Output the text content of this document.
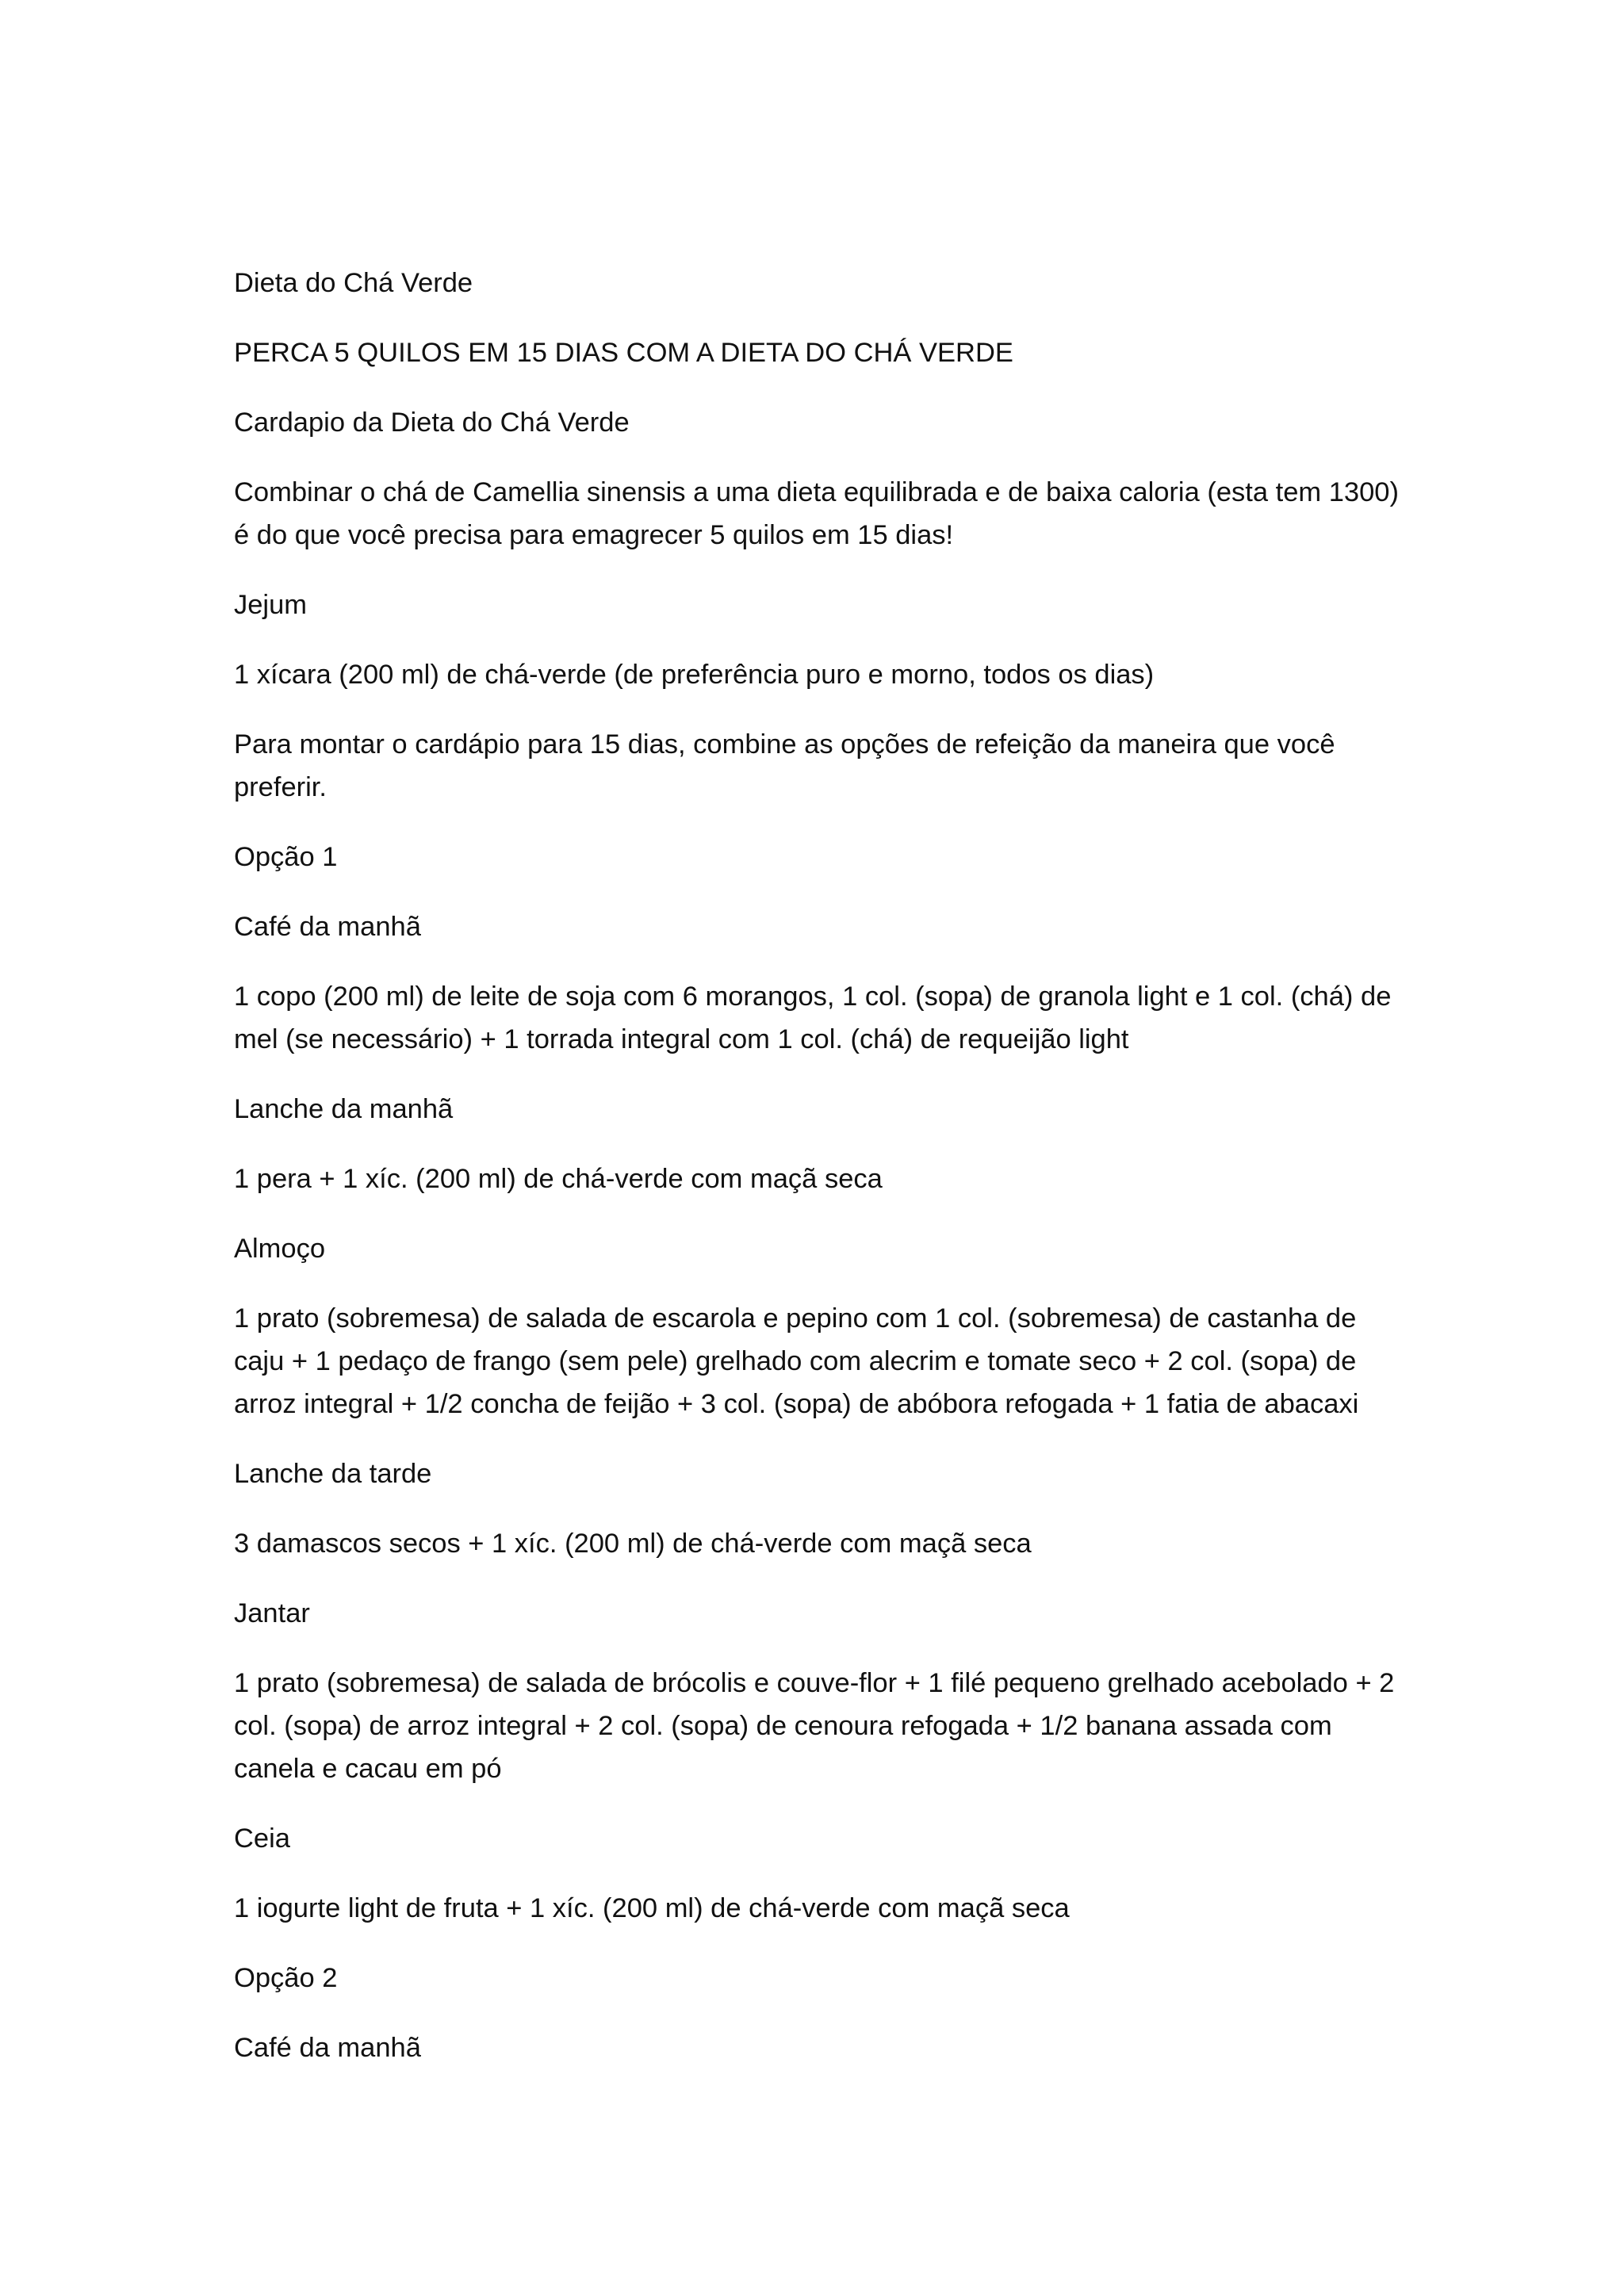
Dieta do Chá Verde

PERCA 5 QUILOS EM 15 DIAS COM A DIETA DO CHÁ VERDE

Cardapio da Dieta do Chá Verde

Combinar o chá de Camellia sinensis a uma dieta equilibrada e de baixa caloria (esta tem 1300)
é do que você precisa para emagrecer 5 quilos em 15 dias!

Jejum

1 xícara (200 ml) de chá-verde (de preferência puro e morno, todos os dias)

Para montar o cardápio para 15 dias, combine as opções de refeição da maneira que você
preferir.

Opção 1

Café da manhã

1 copo (200 ml) de leite de soja com 6 morangos, 1 col. (sopa) de granola light e 1 col. (chá) de
mel (se necessário) + 1 torrada integral com 1 col. (chá) de requeijão light

Lanche da manhã

1 pera + 1 xíc. (200 ml) de chá-verde com maçã seca

Almoço

1 prato (sobremesa) de salada de escarola e pepino com 1 col. (sobremesa) de castanha de
caju + 1 pedaço de frango (sem pele) grelhado com alecrim e tomate seco + 2 col. (sopa) de
arroz integral + 1/2 concha de feijão + 3 col. (sopa) de abóbora refogada + 1 fatia de abacaxi

Lanche da tarde

3 damascos secos + 1 xíc. (200 ml) de chá-verde com maçã seca

Jantar

1 prato (sobremesa) de salada de brócolis e couve-flor + 1 filé pequeno grelhado acebolado + 2
col. (sopa) de arroz integral + 2 col. (sopa) de cenoura refogada + 1/2 banana assada com
canela e cacau em pó

Ceia

1 iogurte light de fruta + 1 xíc. (200 ml) de chá-verde com maçã seca

Opção 2

Café da manhã
